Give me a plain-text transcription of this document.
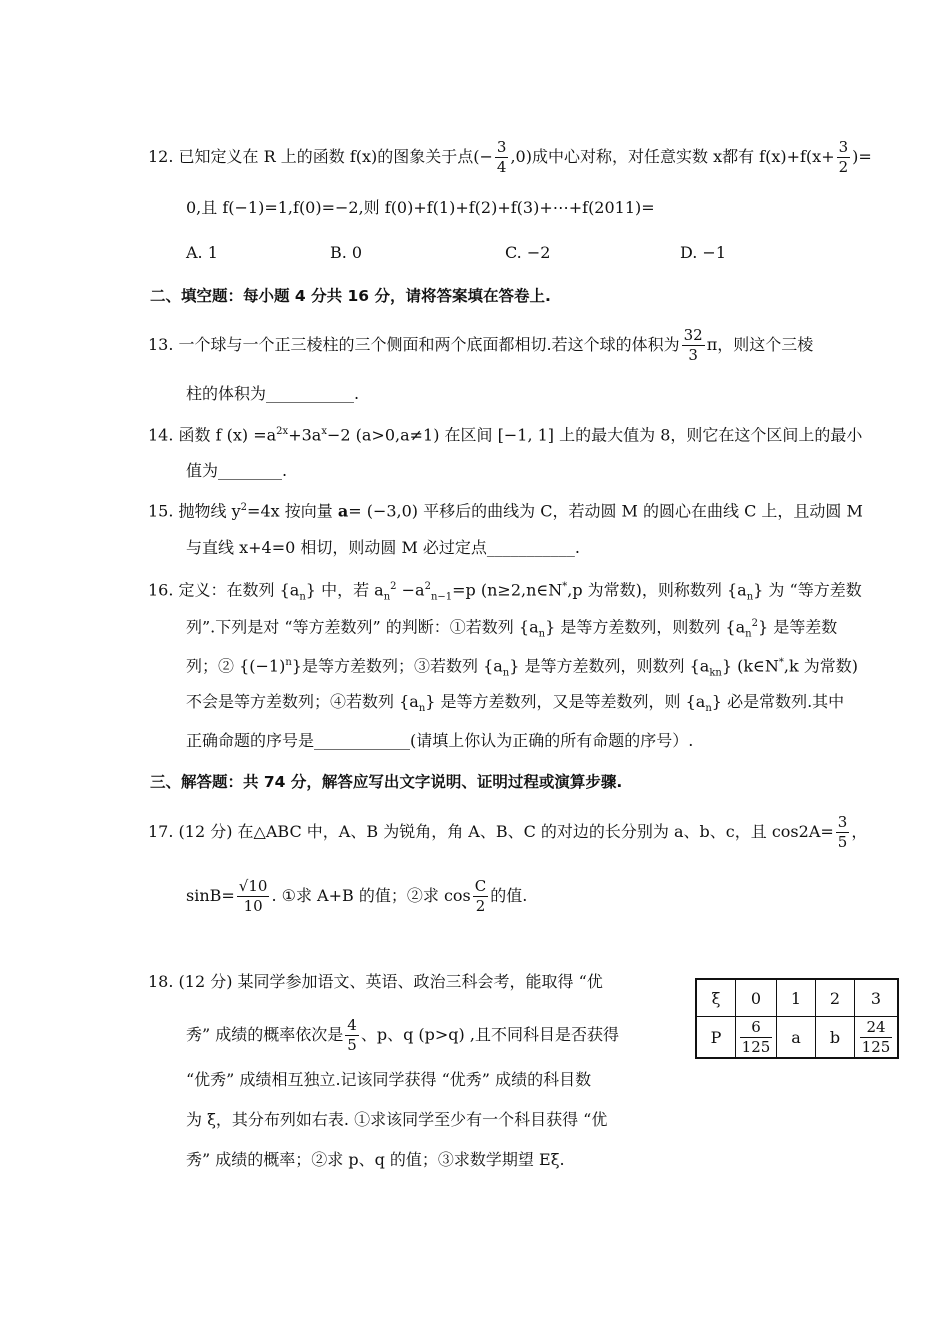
12. 已知定义在 R 上的函数 f(x)的图象关于点(− $\frac{3}{4} ,0$)成中心对称，对任意实数 x都有 $f(x)+f(x+ \frac{3}{2}$ )=
0,且 f(−1)=1,f(0)=−2,则 f(0)+f(1)+f(2)+f(3)+⋯+f(2011)=
A. 1	B. 0	C. −2	D. −1
二、填空题：每小题 4 分共 16 分，请将答案填在答卷上.
13. 一个球与一个正三棱柱的三个侧面和两个底面都相切.若这个球的体积为 $\frac{32}{3}$ π，则这个三棱
柱的体积为___________.
14. 函数 f $(x) =a^{2x}+3a^x-2$ (a>0,a≠1) 在区间 [−1, 1] 上的最大值为 8，则它在这个区间上的最小
值为________.
15. 抛物线 $y^2=4x$ 按向量 a= (−3,0) 平移后的曲线为 C，若动圆 M 的圆心在曲线 C 上，且动圆 M
与直线 x+4=0 相切，则动圆 M 必过定点___________.
16. 定义：在数列 $\{a_n\}$ 中，若 $a_n^2 -a^2_{n-1}=p$ (n≥2,n∈N*,p 为常数)，则称数列 $\{a_n\}$ 为 “等方差数
列”.下列是对 “等方差数列” 的判断：①若数列 $\{a_n\}$ 是等方差数列，则数列 $\{a_n^2\}$ 是等差数
列；② $\{(-1)^n\}$是等方差数列；③若数列 $\{a_n\}$ 是等方差数列，则数列 $\{a_{kn}\}$ (k∈N*,k 为常数)
不会是等方差数列；④若数列 $\{a_n\}$ 是等方差数列，又是等差数列，则 $\{a_n\}$ 必是常数列.其中
正确命题的序号是____________(请填上你认为正确的所有命题的序号）.
三、解答题：共 74 分，解答应写出文字说明、证明过程或演算步骤.
17. (12 分) 在△ABC 中，A、B 为锐角，角 A、B、C 的对边的长分别为 a、b、c，且 $\cos 2A= \frac{3}{5}$ ，
$\sin B= \frac{√10}{10}$ . ①求 A+B 的值；②求 $\cos \frac{C}{2}$ 的值.
18. (12 分) 某同学参加语文、英语、政治三科会考，能取得 “优
秀” 成绩的概率依次是 $\frac{4}{5}$ 、p、q (p>q) ,且不同科目是否获得
“优秀” 成绩相互独立.记该同学获得 “优秀” 成绩的科目数
为 ξ，其分布列如右表. ①求该同学至少有一个科目获得 “优
秀” 成绩的概率；②求 p、q 的值；③求数学期望 Eξ.
ξ	0	1	2	3
P	$\frac{6}{125}$	a	b	$\frac{24}{125}$
